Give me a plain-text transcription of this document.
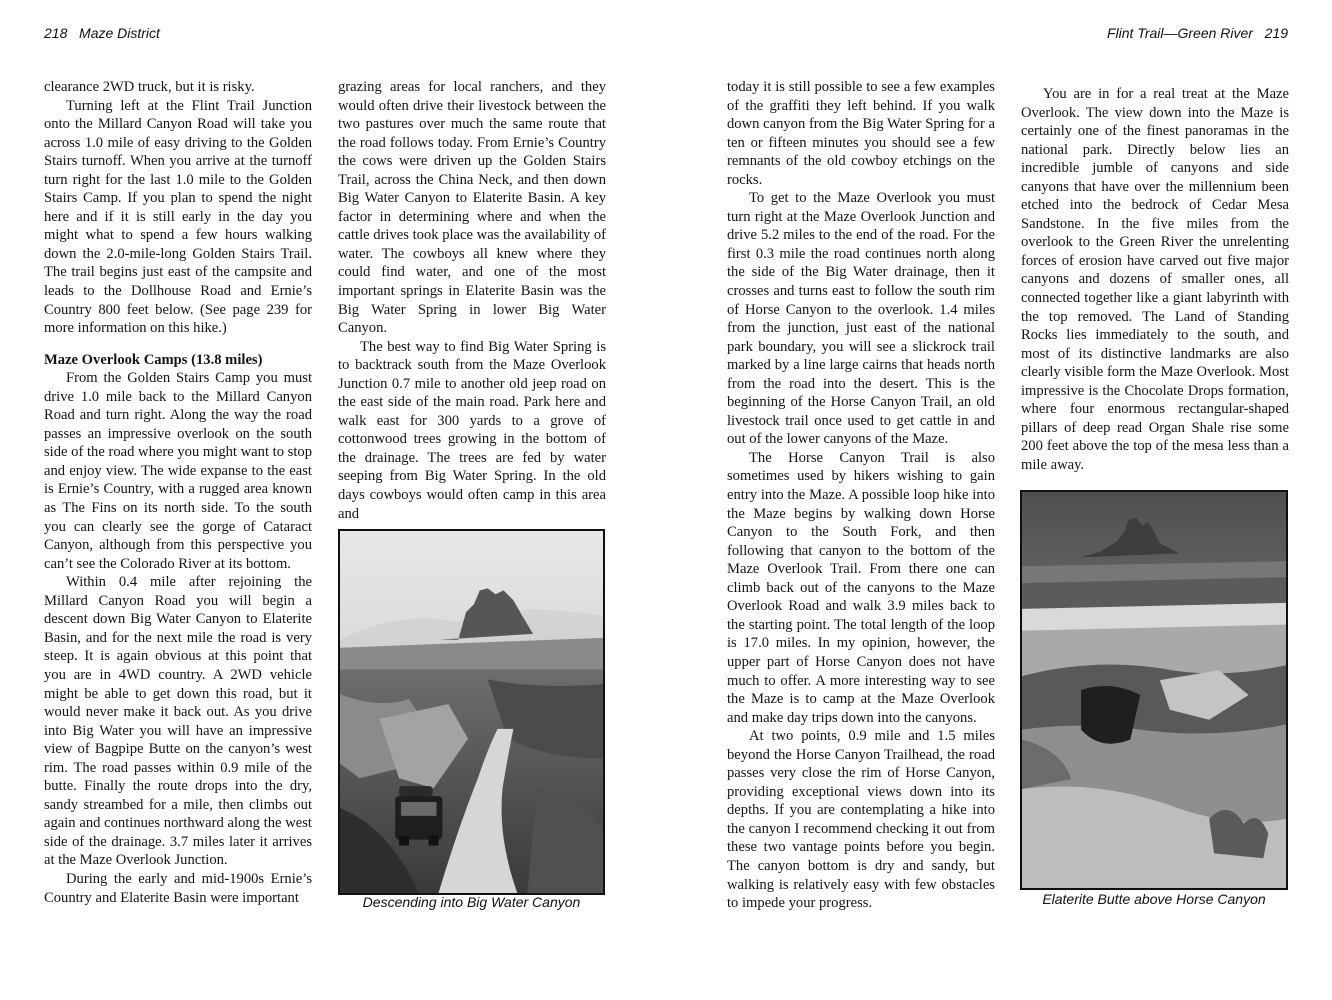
218 Maze District	Flint Trail—Green River 219

clearance 2WD truck, but it is risky.

Turning left at the Flint Trail Junction onto the Millard Canyon Road will take you across 1.0 mile of easy driving to the Golden Stairs turnoff. When you arrive at the turnoff turn right for the last 1.0 mile to the Golden Stairs Camp. If you plan to spend the night here and if it is still early in the day you might what to spend a few hours walking down the 2.0-mile-long Golden Stairs Trail. The trail begins just east of the campsite and leads to the Dollhouse Road and Ernie’s Country 800 feet below. (See page 239 for more information on this hike.)

Maze Overlook Camps (13.8 miles)

From the Golden Stairs Camp you must drive 1.0 mile back to the Millard Canyon Road and turn right. Along the way the road passes an impressive overlook on the south side of the road where you might want to stop and enjoy view. The wide expanse to the east is Ernie’s Country, with a rugged area known as The Fins on its north side. To the south you can clearly see the gorge of Cataract Canyon, although from this perspective you can’t see the Colorado River at its bottom.

Within 0.4 mile after rejoining the Millard Canyon Road you will begin a descent down Big Water Canyon to Elaterite Basin, and for the next mile the road is very steep. It is again obvious at this point that you are in 4WD country. A 2WD vehicle might be able to get down this road, but it would never make it back out. As you drive into Big Water you will have an impressive view of Bagpipe Butte on the canyon’s west rim. The road passes within 0.9 mile of the butte. Finally the route drops into the dry, sandy streambed for a mile, then climbs out again and continues northward along the west side of the drainage. 3.7 miles later it arrives at the Maze Overlook Junction.

During the early and mid-1900s Ernie’s Country and Elaterite Basin were important

grazing areas for local ranchers, and they would often drive their livestock between the two pastures over much the same route that the road follows today. From Ernie’s Country the cows were driven up the Golden Stairs Trail, across the China Neck, and then down Big Water Canyon to Elaterite Basin. A key factor in determining where and when the cattle drives took place was the availability of water. The cowboys all knew where they could find water, and one of the most important springs in Elaterite Basin was the Big Water Spring in lower Big Water Canyon.

The best way to find Big Water Spring is to backtrack south from the Maze Overlook Junction 0.7 mile to another old jeep road on the east side of the main road. Park here and walk east for 300 yards to a grove of cottonwood trees growing in the bottom of the drainage. The trees are fed by water seeping from Big Water Spring. In the old days cowboys would often camp in this area and

Descending into Big Water Canyon

today it is still possible to see a few examples of the graffiti they left behind. If you walk down canyon from the Big Water Spring for a ten or fifteen minutes you should see a few remnants of the old cowboy etchings on the rocks.

To get to the Maze Overlook you must turn right at the Maze Overlook Junction and drive 5.2 miles to the end of the road. For the first 0.3 mile the road continues north along the side of the Big Water drainage, then it crosses and turns east to follow the south rim of Horse Canyon to the overlook. 1.4 miles from the junction, just east of the national park boundary, you will see a slickrock trail marked by a line large cairns that heads north from the road into the desert. This is the beginning of the Horse Canyon Trail, an old livestock trail once used to get cattle in and out of the lower canyons of the Maze.

The Horse Canyon Trail is also sometimes used by hikers wishing to gain entry into the Maze. A possible loop hike into the Maze begins by walking down Horse Canyon to the South Fork, and then following that canyon to the bottom of the Maze Overlook Trail. From there one can climb back out of the canyons to the Maze Overlook Road and walk 3.9 miles back to the starting point. The total length of the loop is 17.0 miles. In my opinion, however, the upper part of Horse Canyon does not have much to offer. A more interesting way to see the Maze is to camp at the Maze Overlook and make day trips down into the canyons.

At two points, 0.9 mile and 1.5 miles beyond the Horse Canyon Trailhead, the road passes very close the rim of Horse Canyon, providing exceptional views down into its depths. If you are contemplating a hike into the canyon I recommend checking it out from these two vantage points before you begin. The canyon bottom is dry and sandy, but walking is relatively easy with few obstacles to impede your progress.

You are in for a real treat at the Maze Overlook. The view down into the Maze is certainly one of the finest panoramas in the national park. Directly below lies an incredible jumble of canyons and side canyons that have over the millennium been etched into the bedrock of Cedar Mesa Sandstone. In the five miles from the overlook to the Green River the unrelenting forces of erosion have carved out five major canyons and dozens of smaller ones, all connected together like a giant labyrinth with the top removed. The Land of Standing Rocks lies immediately to the south, and most of its distinctive landmarks are also clearly visible form the Maze Overlook. Most impressive is the Chocolate Drops formation, where four enormous rectangular-shaped pillars of deep read Organ Shale rise some 200 feet above the top of the mesa less than a mile away.

Elaterite Butte above Horse Canyon
